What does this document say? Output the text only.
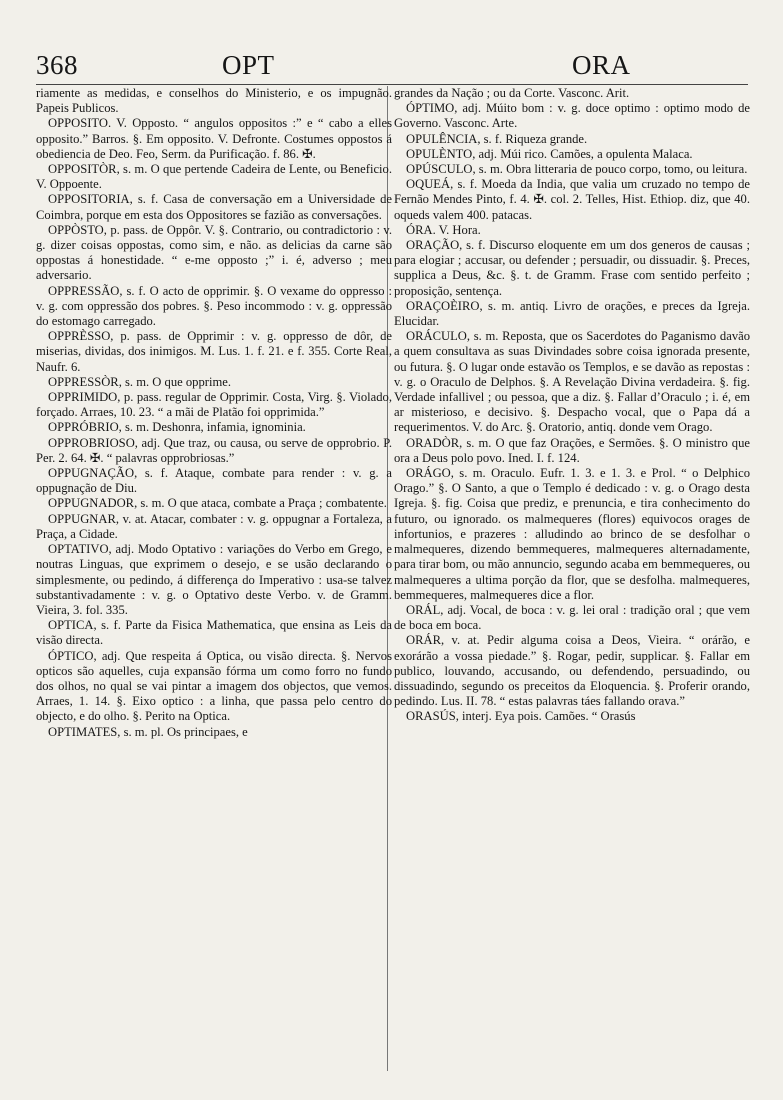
368	OPT	ORA

riamente as medidas, e conselhos do Ministerio, e os impugnão. Papeis Publicos.

OPPOSITO. V. Opposto. “ angulos oppositos :” e “ cabo a elles opposito.” Barros. §. Em opposito. V. Defronte. Costumes oppostos á obediencia de Deo. Feo, Serm. da Purificação. f. 86. ✠.

OPPOSITÒR, s. m. O que pertende Cadeira de Lente, ou Beneficio. V. Oppoente.

OPPOSITORIA, s. f. Casa de conversação em a Universidade de Coimbra, porque em esta dos Oppositores se fazião as conversações.

OPPÒSTO, p. pass. de Oppôr. V. §. Contrario, ou contradictorio : v. g. dizer coisas oppostas, como sim, e não. as delicias da carne são oppostas á honestidade. “ e-me opposto ;” i. é, adverso ; meu adversario.

OPPRESSÃO, s. f. O acto de opprimir. §. O vexame do oppresso : v. g. com oppressão dos pobres. §. Peso incommodo : v. g. oppressão do estomago carregado.

OPPRÈSSO, p. pass. de Opprimir : v. g. oppresso de dôr, de miserias, dividas, dos inimigos. M. Lus. 1. f. 21. e f. 355. Corte Real, Naufr. 6.

OPPRESSÒR, s. m. O que opprime.

OPPRIMIDO, p. pass. regular de Opprimir. Costa, Virg. §. Violado, forçado. Arraes, 10. 23. “ a mãi de Platão foi opprimida.”

OPPRÓBRIO, s. m. Deshonra, infamia, ignominia.

OPPROBRIOSO, adj. Que traz, ou causa, ou serve de opprobrio. P. Per. 2. 64. ✠. “ palavras opprobriosas.”

OPPUGNAÇÃO, s. f. Ataque, combate para render : v. g. a oppugnação de Diu.

OPPUGNADOR, s. m. O que ataca, combate a Praça ; combatente.

OPPUGNAR, v. at. Atacar, combater : v. g. oppugnar a Fortaleza, a Praça, a Cidade.

OPTATIVO, adj. Modo Optativo : variações do Verbo em Grego, e noutras Linguas, que exprimem o desejo, e se usão declarando o simplesmente, ou pedindo, á differença do Imperativo : usa-se talvez substantivadamente : v. g. o Optativo deste Verbo. v. de Gramm. Vieira, 3. fol. 335.

OPTICA, s. f. Parte da Fisica Mathematica, que ensina as Leis da visão directa.

ÓPTICO, adj. Que respeita á Optica, ou visão directa. §. Nervos opticos são aquelles, cuja expansão fórma um como forro no fundo dos olhos, no qual se vai pintar a imagem dos objectos, que vemos. Arraes, 1. 14. §. Eixo optico : a linha, que passa pelo centro do objecto, e do olho. §. Perito na Optica.

OPTIMATES, s. m. pl. Os principaes, e

grandes da Nação ; ou da Corte. Vasconc. Arit.

ÓPTIMO, adj. Múito bom : v. g. doce optimo : optimo modo de Governo. Vasconc. Arte.

OPULÊNCIA, s. f. Riqueza grande.

OPULÈNTO, adj. Múi rico. Camões, a opulenta Malaca.

OPÚSCULO, s. m. Obra litteraria de pouco corpo, tomo, ou leitura.

OQUEÁ, s. f. Moeda da India, que valia um cruzado no tempo de Fernão Mendes Pinto, f. 4. ✠. col. 2. Telles, Hist. Ethiop. diz, que 40. oqueds valem 400. patacas.

ÓRA. V. Hora.

ORAÇÃO, s. f. Discurso eloquente em um dos generos de causas ; para elogiar ; accusar, ou defender ; persuadir, ou dissuadir. §. Preces, supplica a Deus, &c. §. t. de Gramm. Frase com sentido perfeito ; proposição, sentença.

ORAÇOÈIRO, s. m. antiq. Livro de orações, e preces da Igreja. Elucidar.

ORÁCULO, s. m. Reposta, que os Sacerdotes do Paganismo davão a quem consultava as suas Divindades sobre coisa ignorada presente, ou futura. §. O lugar onde estavão os Templos, e se davão as repostas : v. g. o Oraculo de Delphos. §. A Revelação Divina verdadeira. §. fig. Verdade infallivel ; ou pessoa, que a diz. §. Fallar d’Oraculo ; i. é, em ar misterioso, e decisivo. §. Despacho vocal, que o Papa dá a requerimentos. V. do Arc. §. Oratorio, antiq. donde vem Orago.

ORADÒR, s. m. O que faz Orações, e Sermões. §. O ministro que ora a Deus polo povo. Ined. I. f. 124.

ORÁGO, s. m. Oraculo. Eufr. 1. 3. e 1. 3. e Prol. “ o Delphico Orago.” §. O Santo, a que o Templo é dedicado : v. g. o Orago desta Igreja. §. fig. Coisa que prediz, e prenuncia, e tira conhecimento do futuro, ou ignorado. os malmequeres (flores) equivocos orages de infortunios, e prazeres : alludindo ao brinco de se desfolhar o malmequeres, dizendo bemmequeres, malmequeres alternadamente, para tirar bom, ou mão annuncio, segundo acaba em bemmequeres, ou malmequeres a ultima porção da flor, que se desfolha. malmequeres, bemmequeres, malmequeres dice a flor.

ORÁL, adj. Vocal, de boca : v. g. lei oral : tradição oral ; que vem de boca em boca.

ORÁR, v. at. Pedir alguma coisa a Deos, Vieira. “ orárão, e exorárão a vossa piedade.” §. Rogar, pedir, supplicar. §. Fallar em publico, louvando, accusando, ou defendendo, persuadindo, ou dissuadindo, segundo os preceitos da Eloquencia. §. Proferir orando, pedindo. Lus. II. 78. “ estas palavras táes fallando orava.”

ORASÚS, interj. Eya pois. Camões. “ Orasús
